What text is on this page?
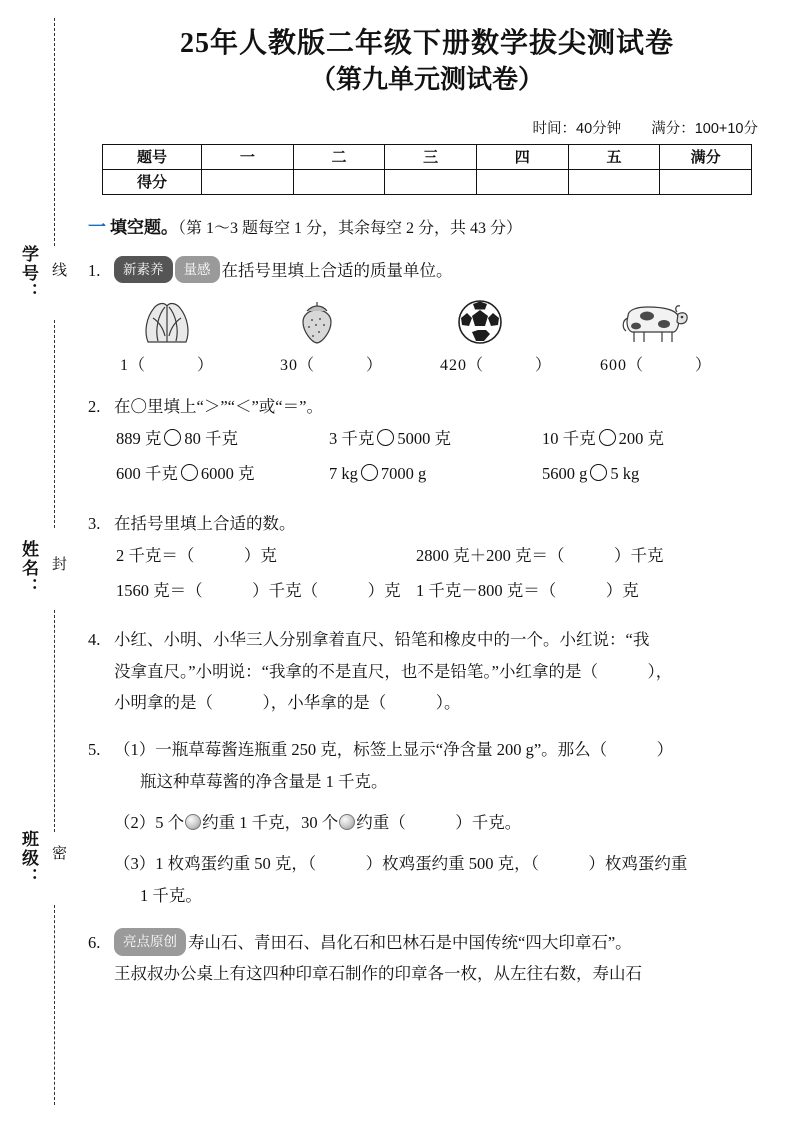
学号： 线
姓名： 封
班级： 密
25年人教版二年级下册数学拔尖测试卷
（第九单元测试卷）
时间：40分钟 满分：100+10分
题号	一	二	三	四	五	满分
得分						
一 填空题。（第 1～3 题每空 1 分，其余每空 2 分，共 43 分）
1. 新素养 量感 在括号里填上合适的质量单位。
1（　　　）	30（　　　）	420（　　　）	600（　　　）
2. 在〇里填上“＞”“＜”或“＝”。
889 克 80 千克	3 千克 5000 克	10 千克 200 克
600 千克 6000 克	7 kg 7000 g	5600 g 5 kg
3. 在括号里填上合适的数。
2 千克＝（　　　）克	2800 克＋200 克＝（　　　）千克
1560 克＝（　　　）千克（　　　）克 1 千克－800 克＝（　　　）克
4. 小红、小明、小华三人分别拿着直尺、铅笔和橡皮中的一个。小红说：“我
没拿直尺。”小明说：“我拿的不是直尺，也不是铅笔。”小红拿的是（　　　），
小明拿的是（　　　），小华拿的是（　　　）。
5. （1）一瓶草莓酱连瓶重 250 克，标签上显示“净含量 200 g”。那么（　　　）
瓶这种草莓酱的净含量是 1 千克。
（2）5 个 约重 1 千克，30 个 约重（　　　）千克。
（3）1 枚鸡蛋约重 50 克，（　　　）枚鸡蛋约重 500 克，（　　　）枚鸡蛋约重
1 千克。
6. 亮点原创 寿山石、青田石、昌化石和巴林石是中国传统“四大印章石”。
王叔叔办公桌上有这四种印章石制作的印章各一枚，从左往右数，寿山石
